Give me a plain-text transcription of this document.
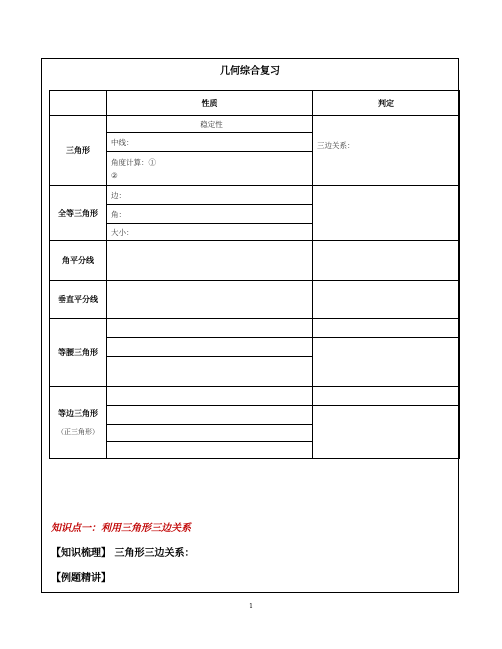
几何综合复习
	性质	判定
三角形	稳定性	三边关系：
	中线：	
	角度计算：①
②	

全等三角形	边：	
	角：	
	大小：	
角平分线		
垂直平分线		
等腰三角形		

等边三角形
（正三角形）		

知识点一：利用三角形三边关系
【知识梳理】 三角形三边关系：
【例题精讲】
1
